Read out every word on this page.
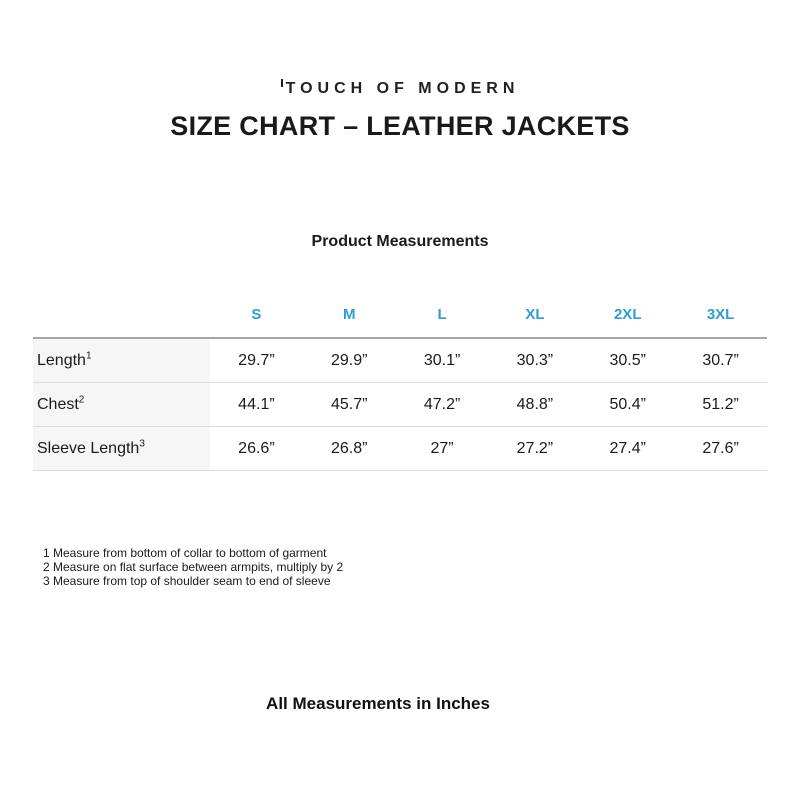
TOUCH OF MODERN
SIZE CHART – LEATHER JACKETS
Product Measurements
	S	M	L	XL	2XL	3XL
Length$^1$	29.7”	29.9”	30.1”	30.3”	30.5”	30.7”
Chest$^2$	44.1”	45.7”	47.2”	48.8”	50.4”	51.2”
Sleeve Length$^3$	26.6”	26.8”	27”	27.2”	27.4”	27.6”
1 Measure from bottom of collar to bottom of garment
2 Measure on flat surface between armpits, multiply by 2
3 Measure from top of shoulder seam to end of sleeve
All Measurements in Inches
